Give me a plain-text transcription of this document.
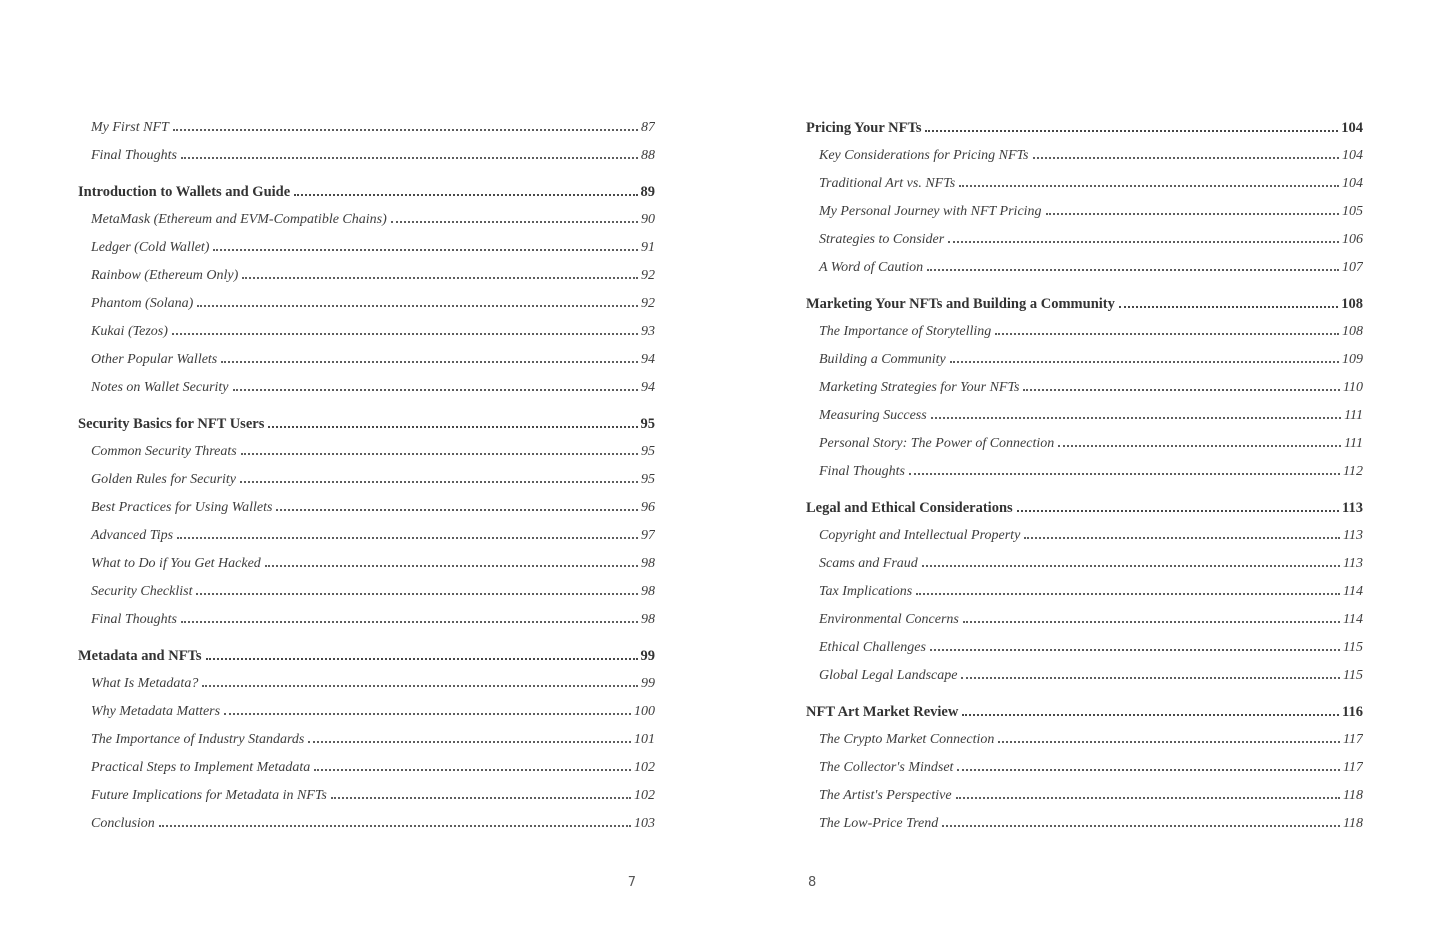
My First NFT	87
Final Thoughts	88
Introduction to Wallets and Guide	89
MetaMask (Ethereum and EVM-Compatible Chains)	90
Ledger (Cold Wallet)	91
Rainbow (Ethereum Only)	92
Phantom (Solana)	92
Kukai (Tezos)	93
Other Popular Wallets	94
Notes on Wallet Security	94
Security Basics for NFT Users	95
Common Security Threats	95
Golden Rules for Security	95
Best Practices for Using Wallets	96
Advanced Tips	97
What to Do if You Get Hacked	98
Security Checklist	98
Final Thoughts	98
Metadata and NFTs	99
What Is Metadata?	99
Why Metadata Matters	100
The Importance of Industry Standards	101
Practical Steps to Implement Metadata	102
Future Implications for Metadata in NFTs	102
Conclusion	103
7
Pricing Your NFTs	104
Key Considerations for Pricing NFTs	104
Traditional Art vs. NFTs	104
My Personal Journey with NFT Pricing	105
Strategies to Consider	106
A Word of Caution	107
Marketing Your NFTs and Building a Community	108
The Importance of Storytelling	108
Building a Community	109
Marketing Strategies for Your NFTs	110
Measuring Success	111
Personal Story: The Power of Connection	111
Final Thoughts	112
Legal and Ethical Considerations	113
Copyright and Intellectual Property	113
Scams and Fraud	113
Tax Implications	114
Environmental Concerns	114
Ethical Challenges	115
Global Legal Landscape	115
NFT Art Market Review	116
The Crypto Market Connection	117
The Collector's Mindset	117
The Artist's Perspective	118
The Low-Price Trend	118
8
